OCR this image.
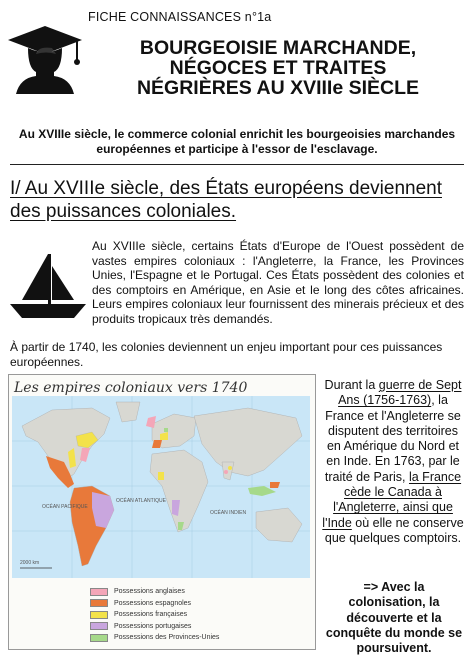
FICHE CONNAISSANCES n°1a
BOURGEOISIE MARCHANDE,
NÉGOCES ET TRAITES
NÉGRIÈRES AU XVIIIe SIÈCLE
Au XVIIIe siècle, le commerce colonial enrichit les bourgeoisies marchandes européennes et participe à l'essor de l'esclavage.
I/ Au XVIIIe siècle, des États européens deviennent des puissances coloniales.
Au XVIIIe siècle, certains États d'Europe de l'Ouest possèdent de vastes empires coloniaux : l'Angleterre, la France, les Provinces Unies, l'Espagne et le Portugal. Ces États possèdent des colonies et des comptoirs en Amérique, en Asie et le long des côtes africaines. Leurs empires coloniaux leur fournissent des minerais précieux et des produits tropicaux très demandés.
À partir de 1740, les colonies deviennent un enjeu important pour ces puissances européennes.
Les empires coloniaux vers 1740
OCÉAN PACIFIQUE
OCÉAN ATLANTIQUE
OCÉAN INDIEN
2000 km
Possessions anglaises
Possessions espagnoles
Possessions françaises
Possessions portugaises
Possessions des Provinces-Unies
Durant la guerre de Sept Ans (1756-1763), la France et l'Angleterre se disputent des territoires en Amérique du Nord et en Inde. En 1763, par le traité de Paris, la France cède le Canada à l'Angleterre, ainsi que l'Inde où elle ne conserve que quelques comptoirs.
=> Avec la colonisation, la découverte et la conquête du monde se poursuivent.
